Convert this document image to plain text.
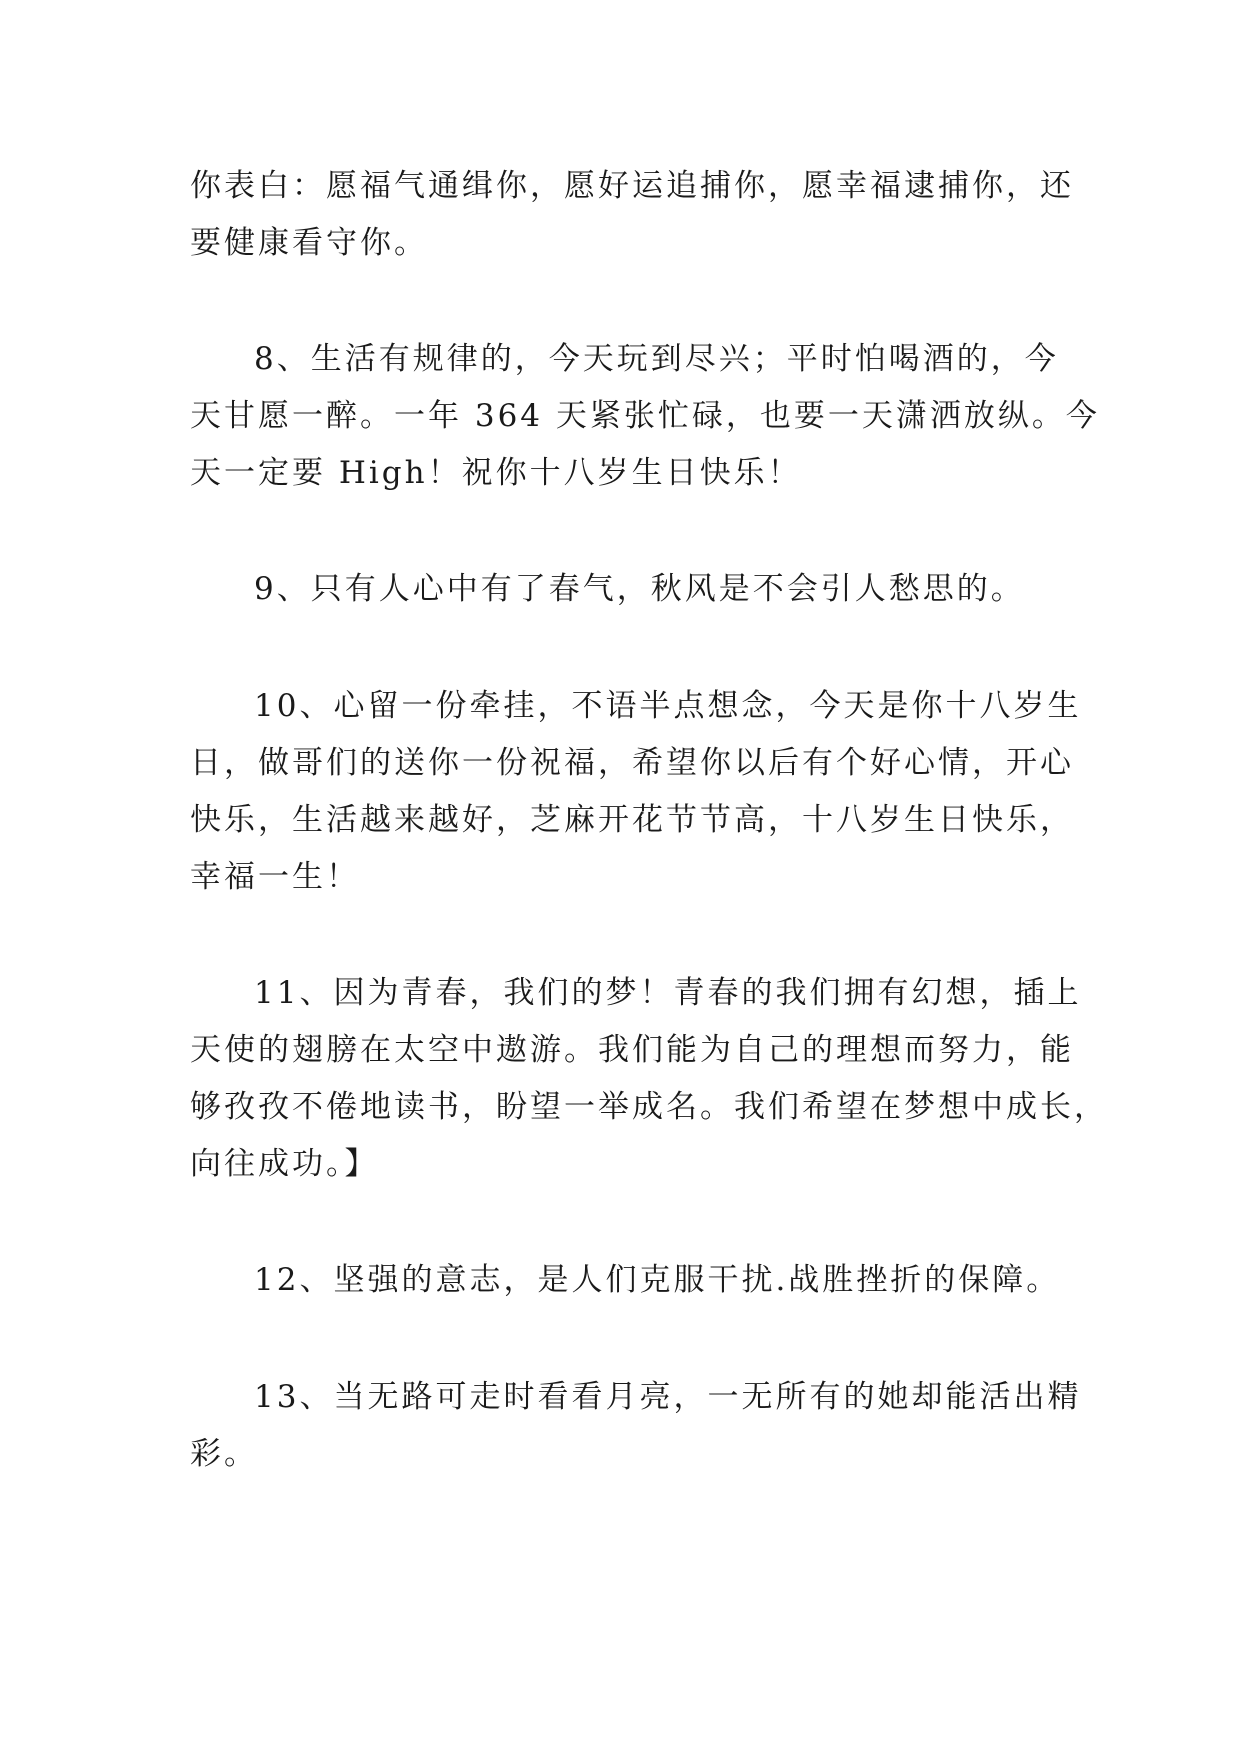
你表白：愿福气通缉你，愿好运追捕你，愿幸福逮捕你，还

要健康看守你。

8、生活有规律的，今天玩到尽兴；平时怕喝酒的，今

天甘愿一醉。一年 364 天紧张忙碌，也要一天潇洒放纵。今

天一定要 High！祝你十八岁生日快乐！

9、只有人心中有了春气，秋风是不会引人愁思的。

10、心留一份牵挂，不语半点想念，今天是你十八岁生

日，做哥们的送你一份祝福，希望你以后有个好心情，开心

快乐，生活越来越好，芝麻开花节节高，十八岁生日快乐，

幸福一生！

11、因为青春，我们的梦！青春的我们拥有幻想，插上

天使的翅膀在太空中遨游。我们能为自己的理想而努力，能

够孜孜不倦地读书，盼望一举成名。我们希望在梦想中成长，

向往成功。】

12、坚强的意志，是人们克服干扰.战胜挫折的保障。

13、当无路可走时看看月亮，一无所有的她却能活出精

彩。
